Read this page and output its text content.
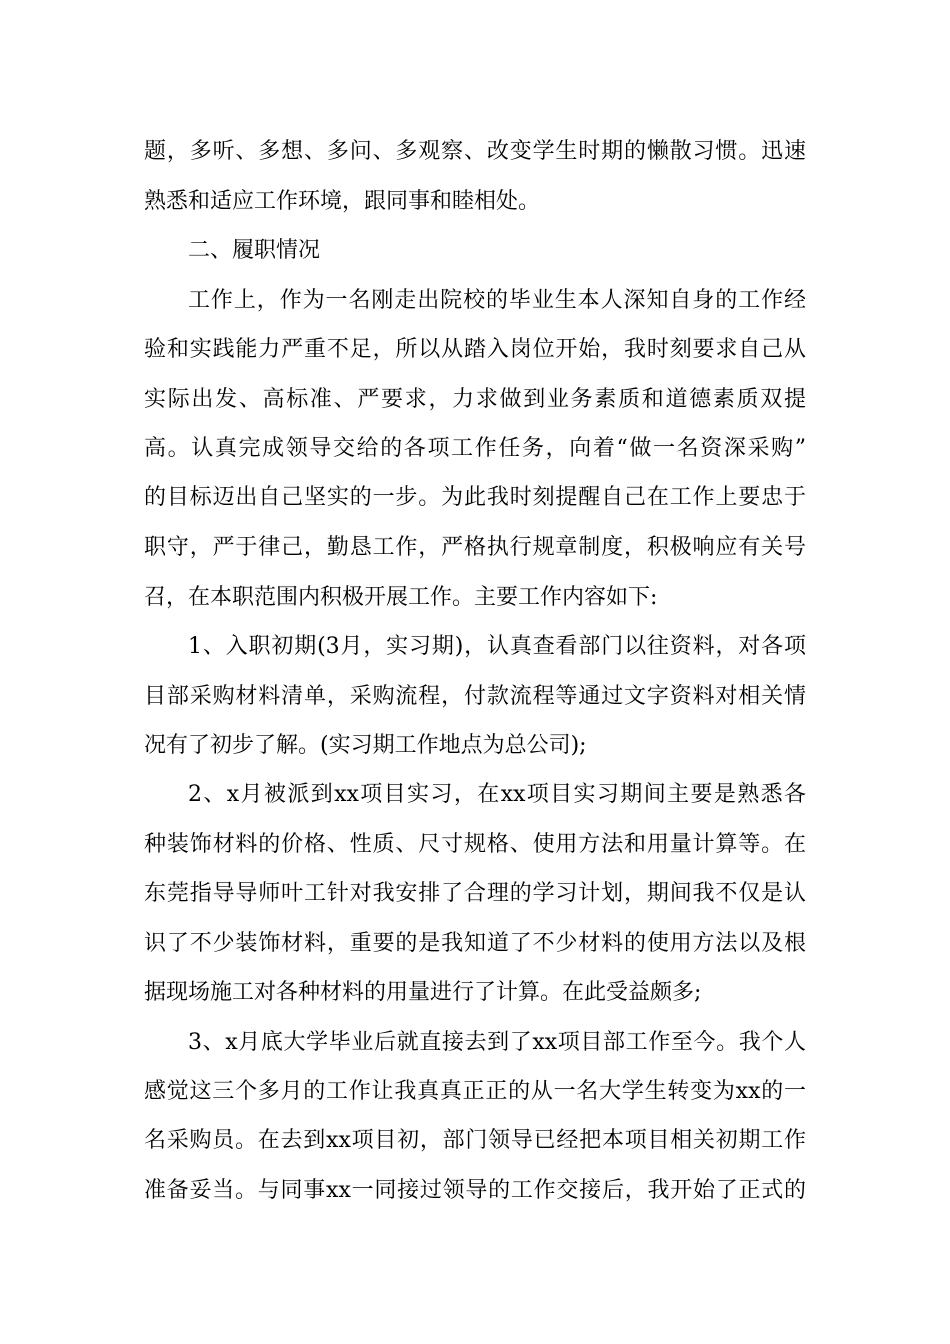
题，多听、多想、多问、多观察、改变学生时期的懒散习惯。迅速
熟悉和适应工作环境，跟同事和睦相处。
二、履职情况
工作上，作为一名刚走出院校的毕业生本人深知自身的工作经
验和实践能力严重不足，所以从踏入岗位开始，我时刻要求自己从
实际出发、高标准、严要求，力求做到业务素质和道德素质双提
高。认真完成领导交给的各项工作任务，向着“做一名资深采购”
的目标迈出自己坚实的一步。为此我时刻提醒自己在工作上要忠于
职守，严于律己，勤恳工作，严格执行规章制度，积极响应有关号
召，在本职范围内积极开展工作。主要工作内容如下:
1、入职初期(3月，实习期)，认真查看部门以往资料，对各项
目部采购材料清单，采购流程，付款流程等通过文字资料对相关情
况有了初步了解。(实习期工作地点为总公司);
2、x月被派到xx项目实习，在xx项目实习期间主要是熟悉各
种装饰材料的价格、性质、尺寸规格、使用方法和用量计算等。在
东莞指导导师叶工针对我安排了合理的学习计划，期间我不仅是认
识了不少装饰材料，重要的是我知道了不少材料的使用方法以及根
据现场施工对各种材料的用量进行了计算。在此受益颇多;
3、x月底大学毕业后就直接去到了xx项目部工作至今。我个人
感觉这三个多月的工作让我真真正正的从一名大学生转变为xx的一
名采购员。在去到xx项目初，部门领导已经把本项目相关初期工作
准备妥当。与同事xx一同接过领导的工作交接后，我开始了正式的
